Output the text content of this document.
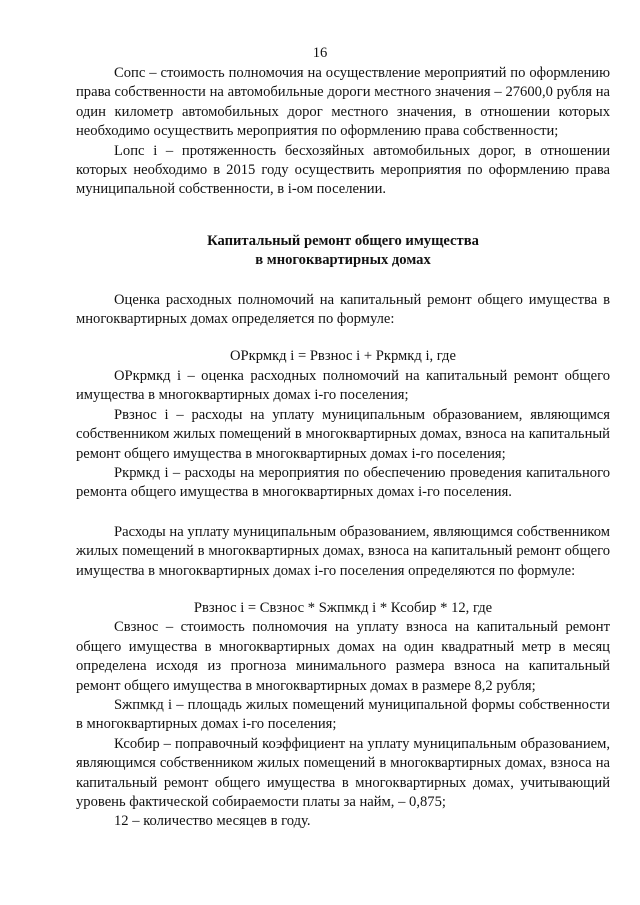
16

Сопс – стоимость полномочия на осуществление мероприятий по оформлению права собственности на автомобильные дороги местного значения – 27600,0 рубля на один километр автомобильных дорог местного значения, в отношении которых необходимо осуществить мероприятия по оформлению права собственности;

Lопс i – протяженность бесхозяйных автомобильных дорог, в отношении которых необходимо в 2015 году осуществить мероприятия по оформлению права муниципальной собственности, в i-ом поселении.

Капитальный ремонт общего имущества
в многоквартирных домах

Оценка расходных полномочий на капитальный ремонт общего имущества в многоквартирных домах определяется по формуле:

ОРкрмкд i = Рвзнос i + Ркрмкд i, где

ОРкрмкд i – оценка расходных полномочий на капитальный ремонт общего имущества в многоквартирных домах i-го поселения;

Рвзнос i – расходы на уплату муниципальным образованием, являющимся собственником жилых помещений в многоквартирных домах, взноса на капитальный ремонт общего имущества в многоквартирных домах i-го поселения;

Ркрмкд i – расходы на мероприятия по обеспечению проведения капитального ремонта общего имущества в многоквартирных домах i-го поселения.

Расходы на уплату муниципальным образованием, являющимся собственником жилых помещений в многоквартирных домах, взноса на капитальный ремонт общего имущества в многоквартирных домах i-го поселения определяются по формуле:

Рвзнос i = Свзнос * Sжпмкд i * Ксобир * 12, где

Свзнос – стоимость полномочия на уплату взноса на капитальный ремонт общего имущества в многоквартирных домах на один квадратный метр в месяц определена исходя из прогноза минимального размера взноса на капитальный ремонт общего имущества в многоквартирных домах в размере 8,2 рубля;

Sжпмкд i – площадь жилых помещений муниципальной формы собственности в многоквартирных домах i-го поселения;

Ксобир – поправочный коэффициент на уплату муниципальным образованием, являющимся собственником жилых помещений в многоквартирных домах, взноса на капитальный ремонт общего имущества в многоквартирных домах, учитывающий уровень фактической собираемости платы за найм, – 0,875;

12 – количество месяцев в году.
